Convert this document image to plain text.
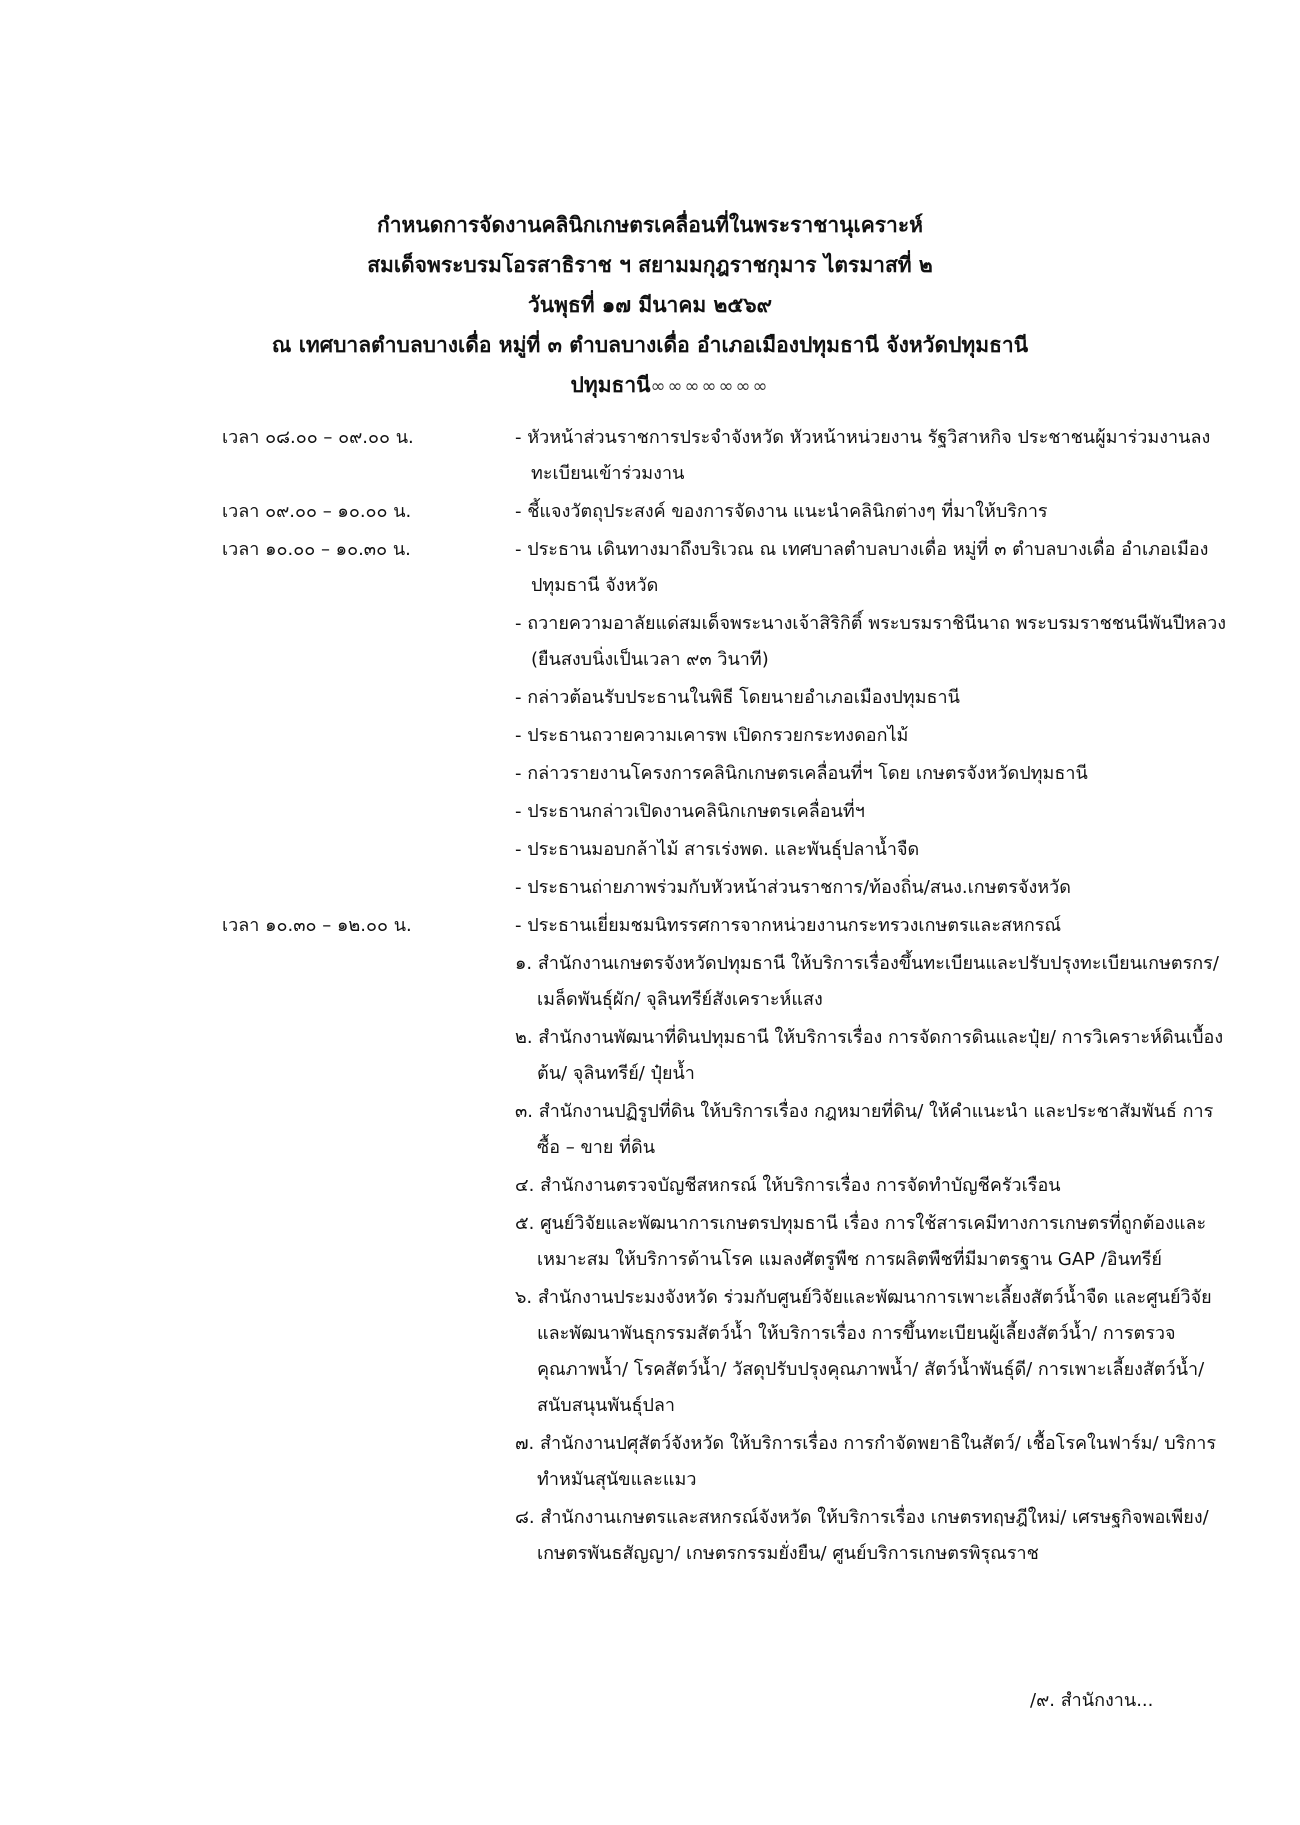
กำหนดการจัดงานคลินิกเกษตรเคลื่อนที่ในพระราชานุเคราะห์
สมเด็จพระบรมโอรสาธิราช ฯ สยามมกุฎราชกุมาร ไตรมาสที่ ๒
วันพุธที่ ๑๗ มีนาคม ๒๕๖๙
ณ เทศบาลตำบลบางเดื่อ หมู่ที่ ๓ ตำบลบางเดื่อ อำเภอเมืองปทุมธานี จังหวัดปทุมธานี
ปทุมธานี∞∞∞∞∞∞∞
เวลา ๐๘.๐๐ – ๐๙.๐๐ น.	- หัวหน้าส่วนราชการประจำจังหวัด หัวหน้าหน่วยงาน รัฐวิสาหกิจ ประชาชนผู้มาร่วมงานลงทะเบียนเข้าร่วมงาน
เวลา ๐๙.๐๐ – ๑๐.๐๐ น.	- ชี้แจงวัตถุประสงค์ ของการจัดงาน แนะนำคลินิกต่างๆ ที่มาให้บริการ
เวลา ๑๐.๐๐ – ๑๐.๓๐ น.	- ประธาน เดินทางมาถึงบริเวณ ณ เทศบาลตำบลบางเดื่อ หมู่ที่ ๓ ตำบลบางเดื่อ อำเภอเมืองปทุมธานี จังหวัด
- ถวายความอาลัยแด่สมเด็จพระนางเจ้าสิริกิติ์ พระบรมราชินีนาถ พระบรมราชชนนีพันปีหลวง (ยืนสงบนิ่งเป็นเวลา ๙๓ วินาที)
- กล่าวต้อนรับประธานในพิธี โดยนายอำเภอเมืองปทุมธานี
- ประธานถวายความเคารพ เปิดกรวยกระทงดอกไม้
- กล่าวรายงานโครงการคลินิกเกษตรเคลื่อนที่ฯ โดย เกษตรจังหวัดปทุมธานี
- ประธานกล่าวเปิดงานคลินิกเกษตรเคลื่อนที่ฯ
- ประธานมอบกล้าไม้ สารเร่งพด. และพันธุ์ปลาน้ำจืด
- ประธานถ่ายภาพร่วมกับหัวหน้าส่วนราชการ/ท้องถิ่น/สนง.เกษตรจังหวัด
เวลา ๑๐.๓๐ – ๑๒.๐๐ น.	- ประธานเยี่ยมชมนิทรรศการจากหน่วยงานกระทรวงเกษตรและสหกรณ์
๑. สำนักงานเกษตรจังหวัดปทุมธานี ให้บริการเรื่องขึ้นทะเบียนและปรับปรุงทะเบียนเกษตรกร/ เมล็ดพันธุ์ผัก/ จุลินทรีย์สังเคราะห์แสง
๒. สำนักงานพัฒนาที่ดินปทุมธานี ให้บริการเรื่อง การจัดการดินและปุ๋ย/ การวิเคราะห์ดินเบื้องต้น/ จุลินทรีย์/ ปุ๋ยน้ำ
๓. สำนักงานปฏิรูปที่ดิน ให้บริการเรื่อง กฎหมายที่ดิน/ ให้คำแนะนำ และประชาสัมพันธ์ การซื้อ – ขาย ที่ดิน
๔. สำนักงานตรวจบัญชีสหกรณ์ ให้บริการเรื่อง การจัดทำบัญชีครัวเรือน
๕. ศูนย์วิจัยและพัฒนาการเกษตรปทุมธานี เรื่อง การใช้สารเคมีทางการเกษตรที่ถูกต้องและเหมาะสม ให้บริการด้านโรค แมลงศัตรูพืช การผลิตพืชที่มีมาตรฐาน GAP /อินทรีย์
๖. สำนักงานประมงจังหวัด ร่วมกับศูนย์วิจัยและพัฒนาการเพาะเลี้ยงสัตว์น้ำจืด และศูนย์วิจัยและพัฒนาพันธุกรรมสัตว์น้ำ ให้บริการเรื่อง การขึ้นทะเบียนผู้เลี้ยงสัตว์น้ำ/ การตรวจคุณภาพน้ำ/ โรคสัตว์น้ำ/ วัสดุปรับปรุงคุณภาพน้ำ/ สัตว์น้ำพันธุ์ดี/ การเพาะเลี้ยงสัตว์น้ำ/ สนับสนุนพันธุ์ปลา
๗. สำนักงานปศุสัตว์จังหวัด ให้บริการเรื่อง การกำจัดพยาธิในสัตว์/ เชื้อโรคในฟาร์ม/ บริการทำหมันสุนัขและแมว
๘. สำนักงานเกษตรและสหกรณ์จังหวัด ให้บริการเรื่อง เกษตรทฤษฎีใหม่/ เศรษฐกิจพอเพียง/ เกษตรพันธสัญญา/ เกษตรกรรมยั่งยืน/ ศูนย์บริการเกษตรพิรุณราช
/๙. สำนักงาน...
